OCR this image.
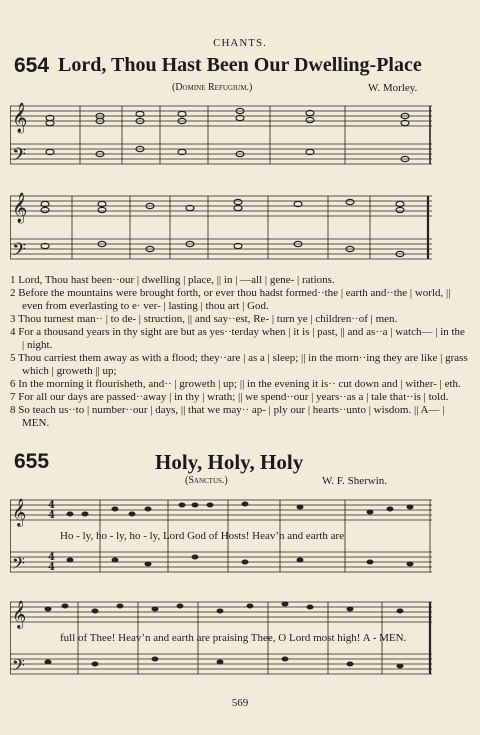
CHANTS.
654 Lord, Thou Hast Been Our Dwelling-Place
(Domine Refugium.)	W. Morley.
𝄞
𝄢
𝄞
𝄢

1 Lord, Thou hast been··our | dwelling | place, || in | —all | gene- | rations.

2 Before the mountains were brought forth, or ever thou hadst formed··the | earth and··the | world, || even from everlasting to e· ver- | lasting | thou art | God.

3 Thou turnest man·· | to de- | struction, || and say··est, Re- | turn ye | children··of | men.

4 For a thousand years in thy sight are but as yes··terday when | it is | past, || and as··a | watch— | in the | night.

5 Thou carriest them away as with a flood; they··are | as a | sleep; || in the morn··ing they are like | grass which | groweth || up;

6 In the morning it flourisheth, and·· | groweth | up; || in the evening it is·· cut down and | wither- | eth.

7 For all our days are passed··away | in thy | wrath; || we spend··our | years··as a | tale that··is | told.

8 So teach us··to | number··our | days, || that we may·· ap- | ply our | hearts··unto | wisdom. || A— | MEN.

655	Holy, Holy, Holy
(Sanctus.)	W. F. Sherwin.
𝄞
𝄢
4
4
4
4
Ho - ly, ho - ly, ho - ly, Lord God of Hosts! Heav’n and earth are
𝄞
𝄢
full of Thee! Heav’n and earth are praising Thee, O Lord most high! A - MEN.
569
